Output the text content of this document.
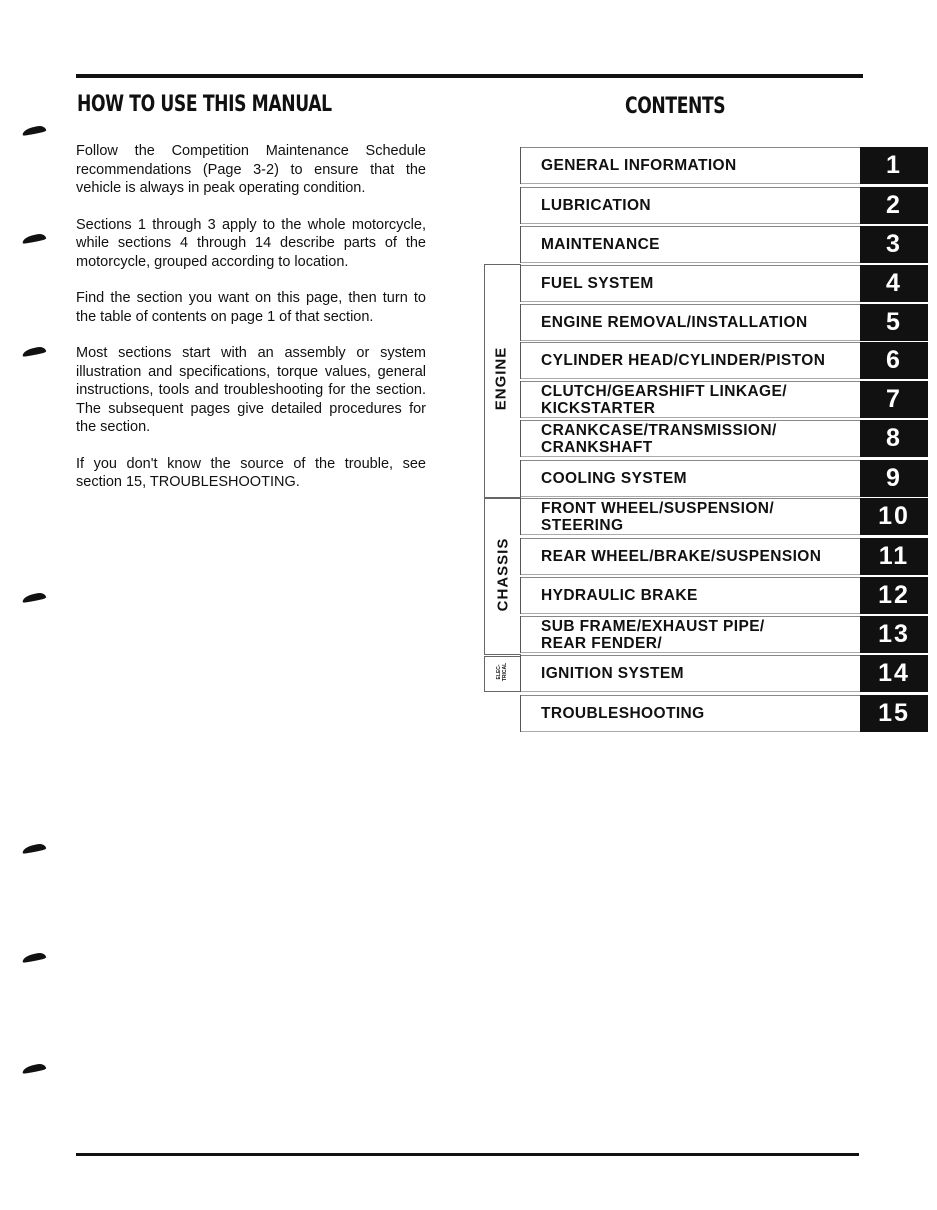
HOW TO USE THIS MANUAL

Follow the Competition Maintenance Schedule recommendations (Page 3-2) to ensure that the vehicle is always in peak operating condition.

Sections 1 through 3 apply to the whole motorcycle, while sections 4 through 14 describe parts of the motorcycle, grouped according to location.

Find the section you want on this page, then turn to the table of contents on page 1 of that section.

Most sections start with an assembly or system illustration and specifications, torque values, general instructions, tools and troubleshooting for the section. The subsequent pages give detailed procedures for the section.

If you don't know the source of the trouble, see section 15, TROUBLESHOOTING.

CONTENTS
ENGINE
CHASSIS
ELEC-
TRICAL
GENERAL INFORMATION	1
LUBRICATION	2
MAINTENANCE	3
FUEL SYSTEM	4
ENGINE REMOVAL/INSTALLATION	5
CYLINDER HEAD/CYLINDER/PISTON	6
CLUTCH/GEARSHIFT LINKAGE/
KICKSTARTER	7
CRANKCASE/TRANSMISSION/
CRANKSHAFT	8
COOLING SYSTEM	9
FRONT WHEEL/SUSPENSION/
STEERING	10
REAR WHEEL/BRAKE/SUSPENSION	11
HYDRAULIC BRAKE	12
SUB FRAME/EXHAUST PIPE/
REAR FENDER/	13
IGNITION SYSTEM	14
TROUBLESHOOTING	15
